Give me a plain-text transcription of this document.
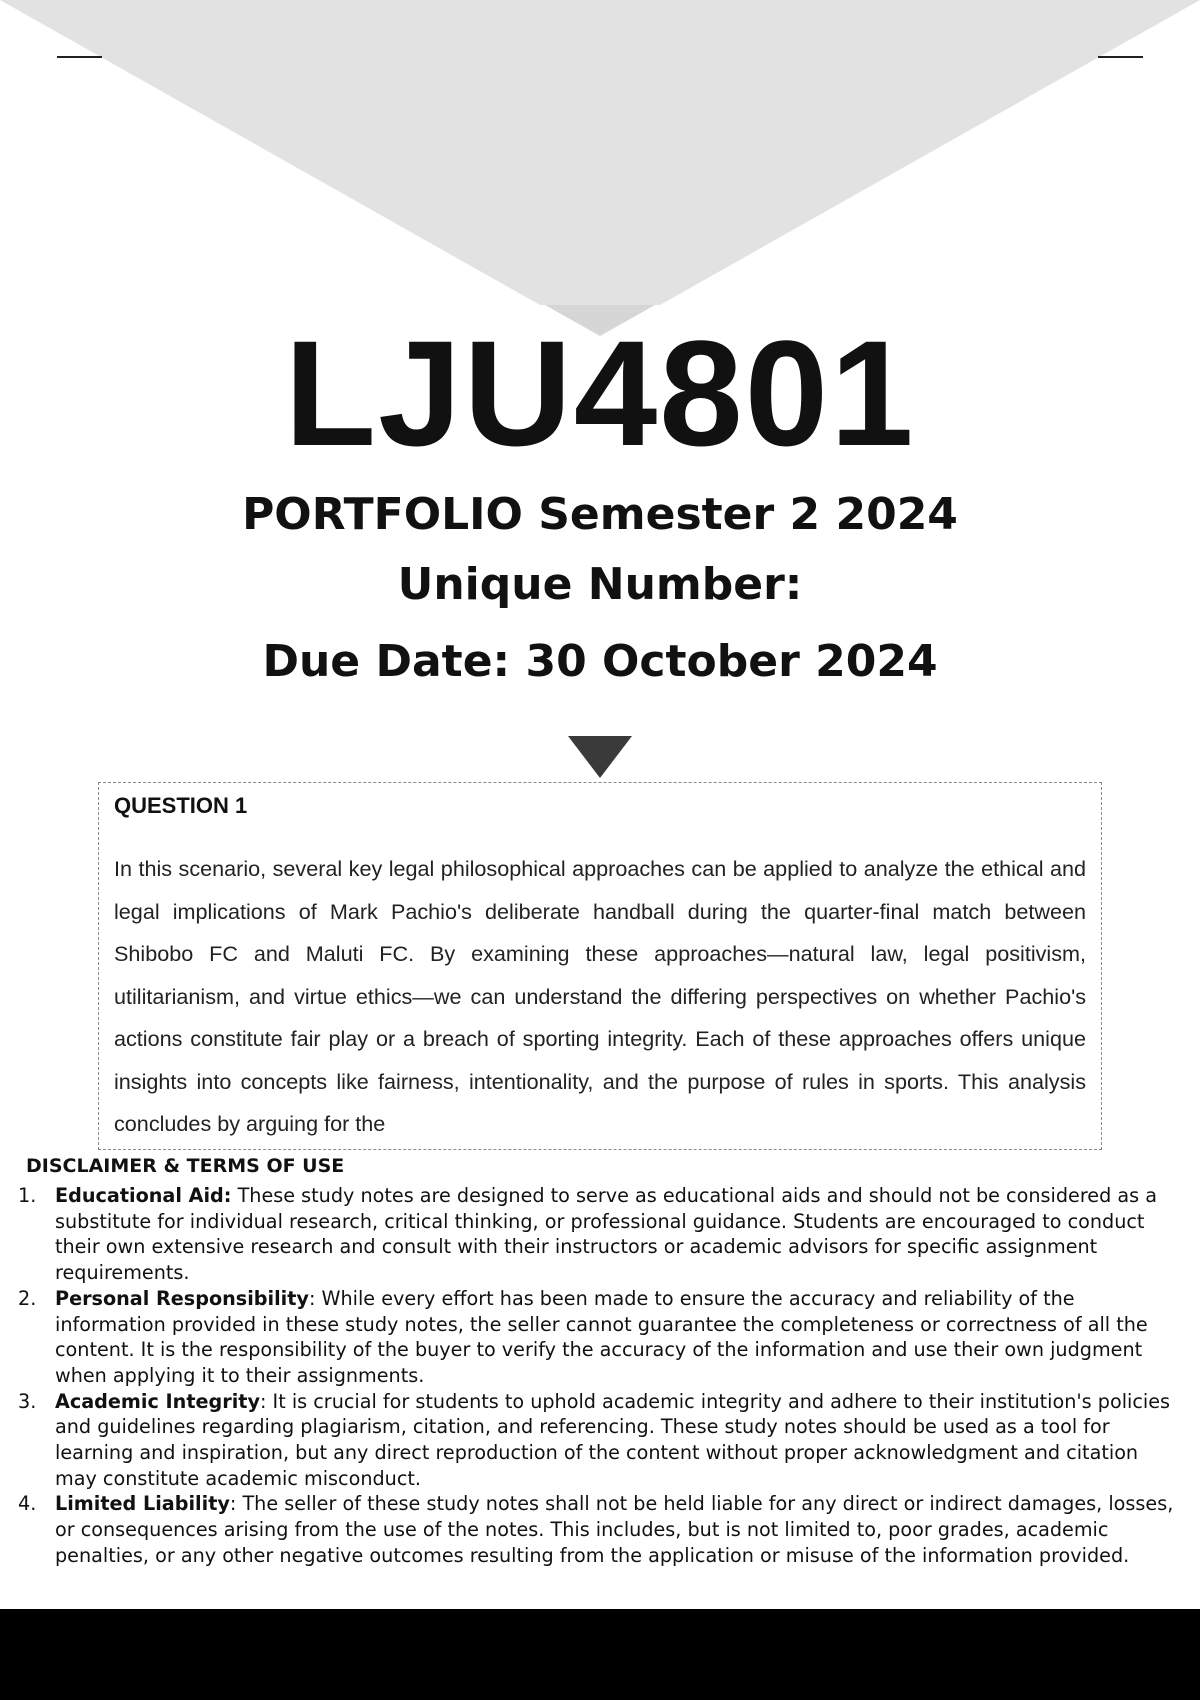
LJU4801
PORTFOLIO Semester 2 2024
Unique Number:
Due Date: 30 October 2024
QUESTION 1
In this scenario, several key legal philosophical approaches can be applied to analyze the ethical and legal implications of Mark Pachio's deliberate handball during the quarter-final match between Shibobo FC and Maluti FC. By examining these approaches—natural law, legal positivism, utilitarianism, and virtue ethics—we can understand the differing perspectives on whether Pachio's actions constitute fair play or a breach of sporting integrity. Each of these approaches offers unique insights into concepts like fairness, intentionality, and the purpose of rules in sports. This analysis concludes by arguing for the
DISCLAIMER & TERMS OF USE
1. Educational Aid: These study notes are designed to serve as educational aids and should not be considered as a substitute for individual research, critical thinking, or professional guidance. Students are encouraged to conduct their own extensive research and consult with their instructors or academic advisors for specific assignment requirements.
2. Personal Responsibility: While every effort has been made to ensure the accuracy and reliability of the information provided in these study notes, the seller cannot guarantee the completeness or correctness of all the content. It is the responsibility of the buyer to verify the accuracy of the information and use their own judgment when applying it to their assignments.
3. Academic Integrity: It is crucial for students to uphold academic integrity and adhere to their institution's policies and guidelines regarding plagiarism, citation, and referencing. These study notes should be used as a tool for learning and inspiration, but any direct reproduction of the content without proper acknowledgment and citation may constitute academic misconduct.
4. Limited Liability: The seller of these study notes shall not be held liable for any direct or indirect damages, losses, or consequences arising from the use of the notes. This includes, but is not limited to, poor grades, academic penalties, or any other negative outcomes resulting from the application or misuse of the information provided.
